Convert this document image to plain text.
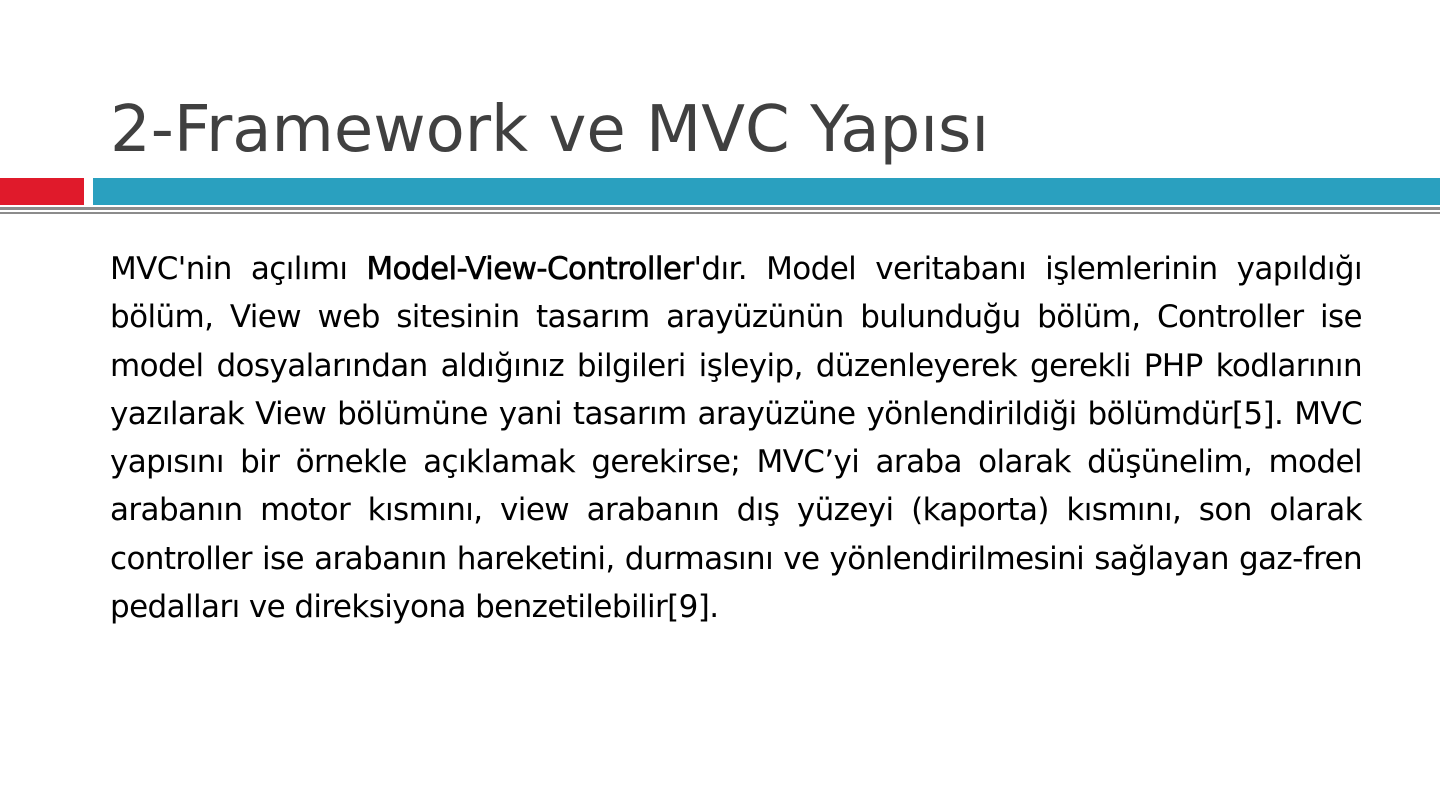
2-Framework ve MVC Yapısı

MVC'nin açılımı Model-View-Controller'dır. Model veritabanı işlemlerinin yapıldığı bölüm, View web sitesinin tasarım arayüzünün bulunduğu bölüm, Controller ise model dosyalarından aldığınız bilgileri işleyip, düzenleyerek gerekli PHP kodlarının yazılarak View bölümüne yani tasarım arayüzüne yönlendirildiği bölümdür[5]. MVC yapısını bir örnekle açıklamak gerekirse; MVC’yi araba olarak düşünelim, model arabanın motor kısmını, view arabanın dış yüzeyi (kaporta) kısmını, son olarak controller ise arabanın hareketini, durmasını ve yönlendirilmesini sağlayan gaz-fren pedalları ve direksiyona benzetilebilir[9].
